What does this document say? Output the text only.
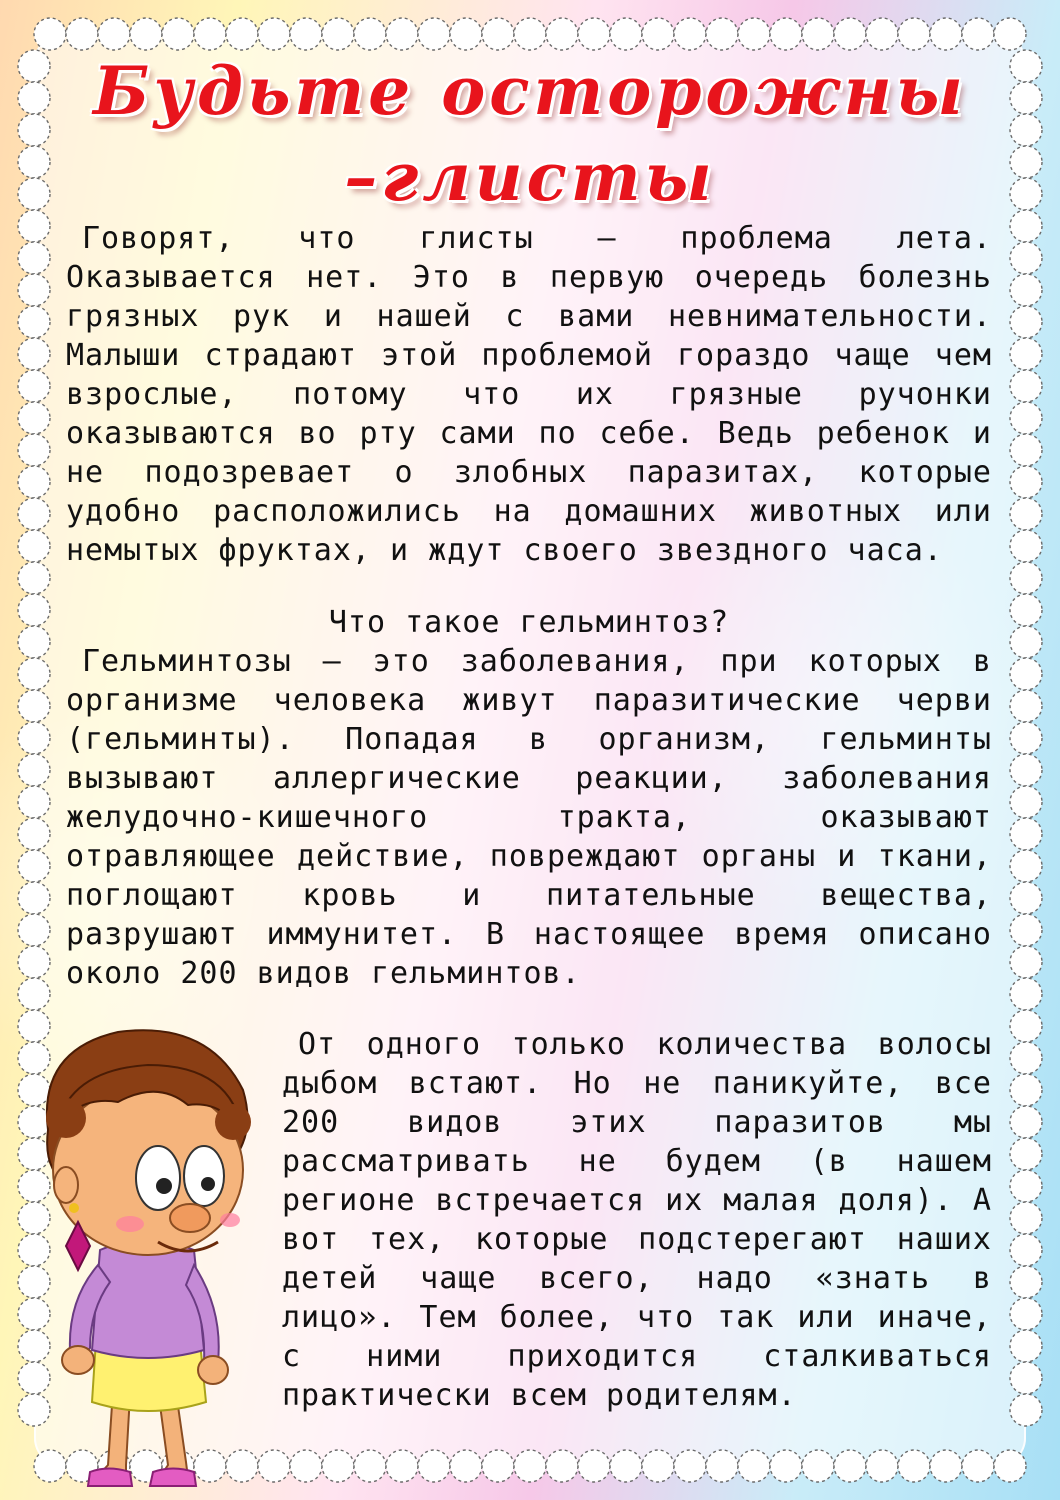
Будьте осторожны
–глисты

Говорят, что глисты – проблема лета. Оказывается нет. Это в первую очередь болезнь грязных рук и нашей с вами невнимательности. Малыши страдают этой проблемой гораздо чаще чем взрослые, потому что их грязные ручонки оказываются во рту сами по себе. Ведь ребенок и не подозревает о злобных паразитах, которые удобно расположились на домашних животных или немытых фруктах, и ждут своего звездного часа.

Что такое гельминтоз?

Гельминтозы – это заболевания, при которых в организме человека живут паразитические черви (гельминты). Попадая в организм, гельминты вызывают аллергические реакции, заболевания желудочно-кишечного тракта, оказывают отравляющее действие, повреждают органы и ткани, поглощают кровь и питательные вещества, разрушают иммунитет. В настоящее время описано около 200 видов гельминтов.

От одного только количества волосы дыбом встают. Но не паникуйте, все 200 видов этих паразитов мы рассматривать не будем (в нашем регионе встречается их малая доля). А вот тех, которые подстерегают наших детей чаще всего, надо «знать в лицо». Тем более, что так или иначе, с ними приходится сталкиваться практически всем родителям.
